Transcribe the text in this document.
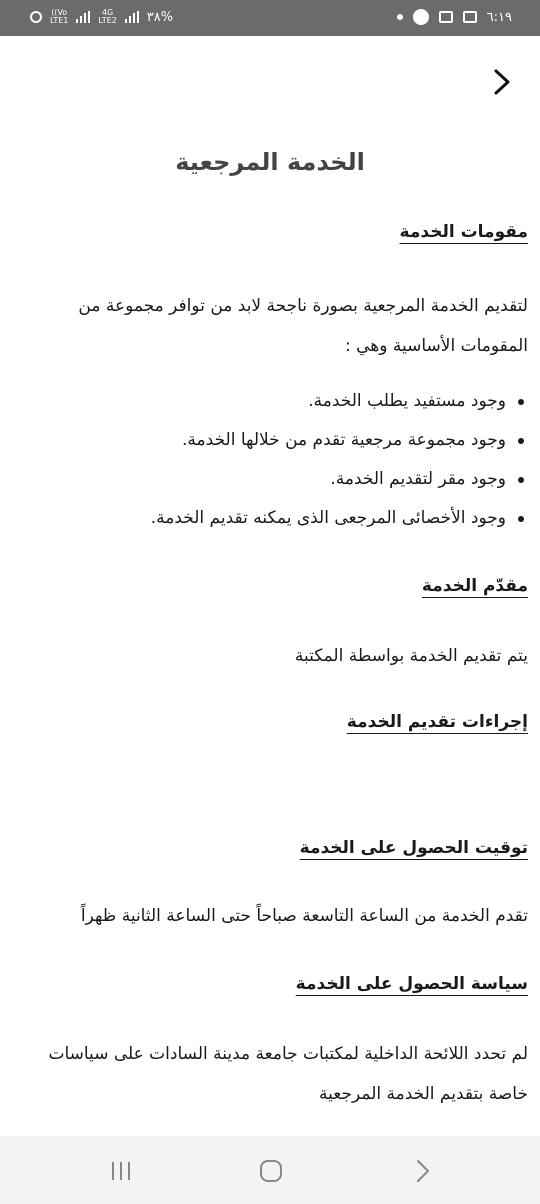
%٣٨
4G
LTE2
Vo))
LTE1	٦:١٩
الخدمة المرجعية
مقومات الخدمة
لتقديم الخدمة المرجعية بصورة ناجحة لابد من توافر مجموعة من المقومات الأساسية وهي :
وجود مستفيد يطلب الخدمة.
وجود مجموعة مرجعية تقدم من خلالها الخدمة.
وجود مقر لتقديم الخدمة.
وجود الأخصائى المرجعى الذى يمكنه تقديم الخدمة.
مقدّم الخدمة
يتم تقديم الخدمة بواسطة المكتبة
إجراءات تقديم الخدمة
توقيت الحصول على الخدمة
تقدم الخدمة من الساعة التاسعة صباحاً حتى الساعة الثانية ظهراً
سياسة الحصول على الخدمة
لم تحدد اللائحة الداخلية لمكتبات جامعة مدينة السادات على سياسات خاصة بتقديم الخدمة المرجعية
